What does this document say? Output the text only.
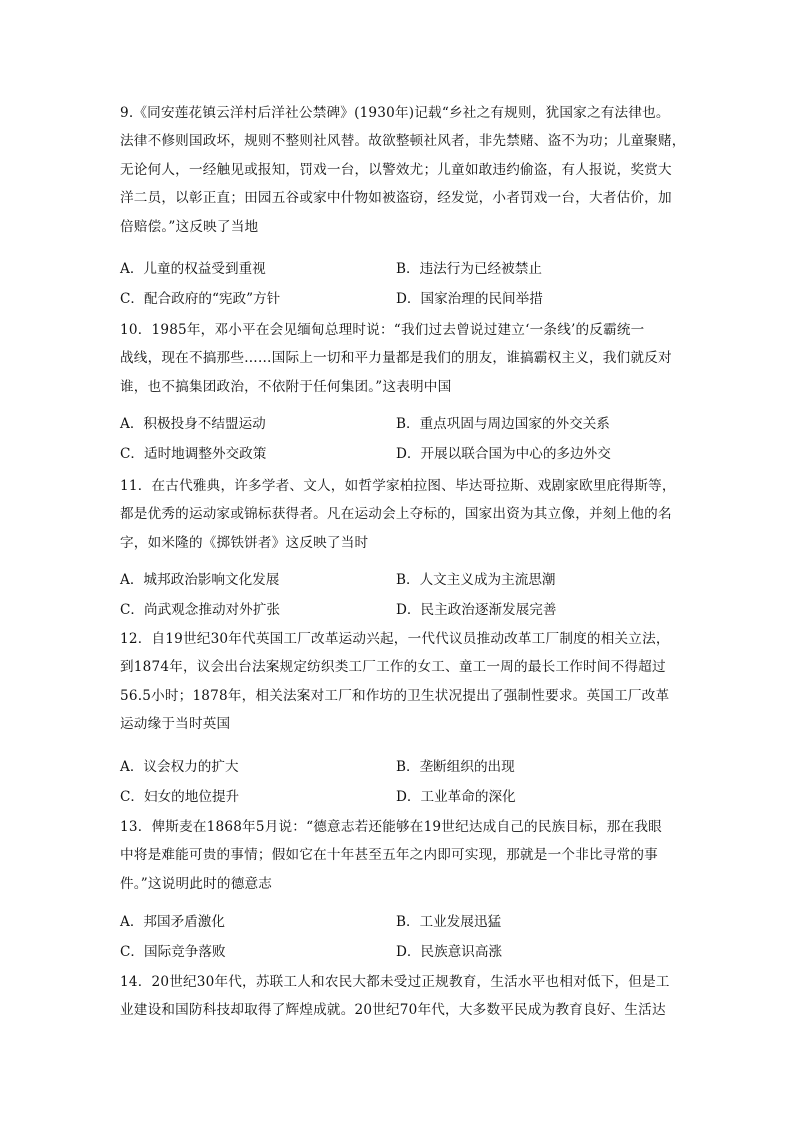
9.《同安莲花镇云洋村后洋社公禁碑》(1930年)记载“乡社之有规则，犹国家之有法律也。
法律不修则国政坏，规则不整则社风替。故欲整顿社风者，非先禁赌、盗不为功；儿童聚赌，
无论何人，一经触见或报知，罚戏一台，以警效尤；儿童如敢违约偷盗，有人报说，奖赏大
洋二员，以彰正直；田园五谷或家中什物如被盗窃，经发觉，小者罚戏一台，大者估价，加
倍赔偿。”这反映了当地
A．儿童的权益受到重视	B．违法行为已经被禁止
C．配合政府的“宪政”方针	D．国家治理的民间举措
10．1985年，邓小平在会见缅甸总理时说：“我们过去曾说过建立‘一条线’的反霸统一
战线，现在不搞那些……国际上一切和平力量都是我们的朋友，谁搞霸权主义，我们就反对
谁，也不搞集团政治，不依附于任何集团。”这表明中国
A．积极投身不结盟运动	B．重点巩固与周边国家的外交关系
C．适时地调整外交政策	D．开展以联合国为中心的多边外交
11．在古代雅典，许多学者、文人，如哲学家柏拉图、毕达哥拉斯、戏剧家欧里庇得斯等，
都是优秀的运动家或锦标获得者。凡在运动会上夺标的，国家出资为其立像，并刻上他的名
字，如米隆的《掷铁饼者》这反映了当时
A．城邦政治影响文化发展	B．人文主义成为主流思潮
C．尚武观念推动对外扩张	D．民主政治逐渐发展完善
12．自19世纪30年代英国工厂改革运动兴起，一代代议员推动改革工厂制度的相关立法，
到1874年，议会出台法案规定纺织类工厂工作的女工、童工一周的最长工作时间不得超过
56.5小时；1878年，相关法案对工厂和作坊的卫生状况提出了强制性要求。英国工厂改革
运动缘于当时英国
A．议会权力的扩大	B．垄断组织的出现
C．妇女的地位提升	D．工业革命的深化
13．俾斯麦在1868年5月说：“德意志若还能够在19世纪达成自己的民族目标，那在我眼
中将是难能可贵的事情；假如它在十年甚至五年之内即可实现，那就是一个非比寻常的事
件。”这说明此时的德意志
A．邦国矛盾激化	B．工业发展迅猛
C．国际竞争落败	D．民族意识高涨
14．20世纪30年代，苏联工人和农民大都未受过正规教育，生活水平也相对低下，但是工
业建设和国防科技却取得了辉煌成就。20世纪70年代，大多数平民成为教育良好、生活达
